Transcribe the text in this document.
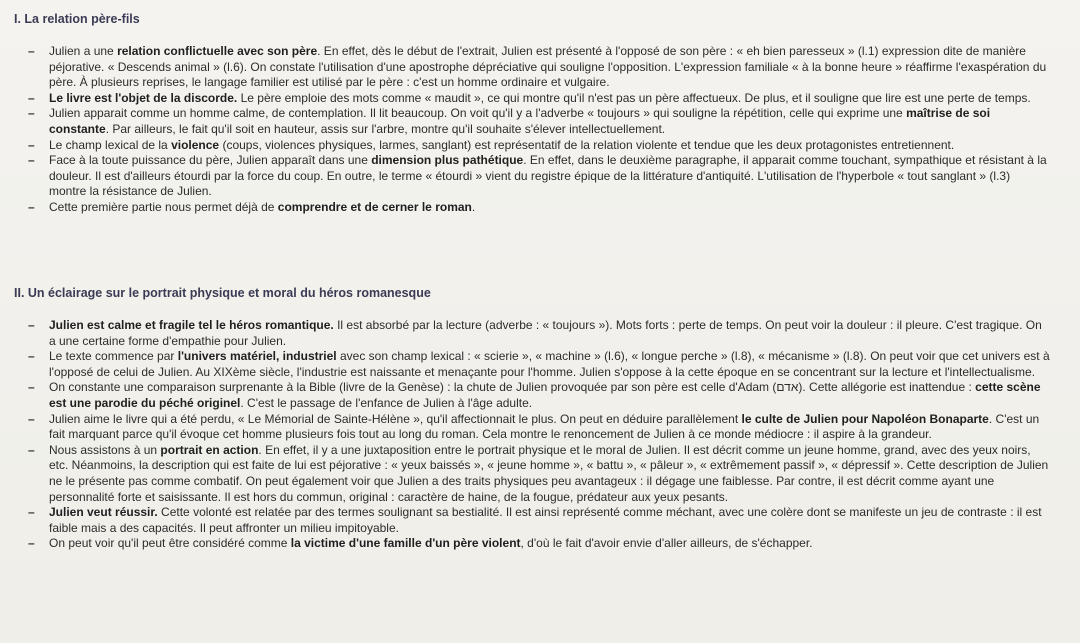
I. La relation père-fils
– Julien a une relation conflictuelle avec son père. En effet, dès le début de l'extrait, Julien est présenté à l'opposé de son père : « eh bien paresseux » (l.1) expression dite de manière péjorative. « Descends animal » (l.6). On constate l'utilisation d'une apostrophe dépréciative qui souligne l'opposition. L'expression familiale « à la bonne heure » réaffirme l'exaspération du père. À plusieurs reprises, le langage familier est utilisé par le père : c'est un homme ordinaire et vulgaire.
– Le livre est l'objet de la discorde. Le père emploie des mots comme « maudit », ce qui montre qu'il n'est pas un père affectueux. De plus, et il souligne que lire est une perte de temps.
– Julien apparait comme un homme calme, de contemplation. Il lit beaucoup. On voit qu'il y a l'adverbe « toujours » qui souligne la répétition, celle qui exprime une maîtrise de soi constante. Par ailleurs, le fait qu'il soit en hauteur, assis sur l'arbre, montre qu'il souhaite s'élever intellectuellement.
– Le champ lexical de la violence (coups, violences physiques, larmes, sanglant) est représentatif de la relation violente et tendue que les deux protagonistes entretiennent.
– Face à la toute puissance du père, Julien apparaît dans une dimension plus pathétique. En effet, dans le deuxième paragraphe, il apparait comme touchant, sympathique et résistant à la douleur. Il est d'ailleurs étourdi par la force du coup. En outre, le terme « étourdi » vient du registre épique de la littérature d'antiquité. L'utilisation de l'hyperbole « tout sanglant » (l.3) montre la résistance de Julien.
– Cette première partie nous permet déjà de comprendre et de cerner le roman.
II. Un éclairage sur le portrait physique et moral du héros romanesque
– Julien est calme et fragile tel le héros romantique. Il est absorbé par la lecture (adverbe : « toujours »). Mots forts : perte de temps. On peut voir la douleur : il pleure. C'est tragique. On a une certaine forme d'empathie pour Julien.
– Le texte commence par l'univers matériel, industriel avec son champ lexical : « scierie », « machine » (l.6), « longue perche » (l.8), « mécanisme » (l.8). On peut voir que cet univers est à l'opposé de celui de Julien. Au XIXème siècle, l'industrie est naissante et menaçante pour l'homme. Julien s'oppose à la cette époque en se concentrant sur la lecture et l'intellectualisme.
– On constante une comparaison surprenante à la Bible (livre de la Genèse) : la chute de Julien provoquée par son père est celle d'Adam (אדם). Cette allégorie est inattendue : cette scène est une parodie du péché originel. C'est le passage de l'enfance de Julien à l'âge adulte.
– Julien aime le livre qui a été perdu, « Le Mémorial de Sainte-Hélène », qu'il affectionnait le plus. On peut en déduire parallèlement le culte de Julien pour Napoléon Bonaparte. C'est un fait marquant parce qu'il évoque cet homme plusieurs fois tout au long du roman. Cela montre le renoncement de Julien à ce monde médiocre : il aspire à la grandeur.
– Nous assistons à un portrait en action. En effet, il y a une juxtaposition entre le portrait physique et le moral de Julien. Il est décrit comme un jeune homme, grand, avec des yeux noirs, etc. Néanmoins, la description qui est faite de lui est péjorative : « yeux baissés », « jeune homme », « battu », « pâleur », « extrêmement passif », « dépressif ». Cette description de Julien ne le présente pas comme combatif. On peut également voir que Julien a des traits physiques peu avantageux : il dégage une faiblesse. Par contre, il est décrit comme ayant une personnalité forte et saisissante. Il est hors du commun, original : caractère de haine, de la fougue, prédateur aux yeux pesants.
– Julien veut réussir. Cette volonté est relatée par des termes soulignant sa bestialité. Il est ainsi représenté comme méchant, avec une colère dont se manifeste un jeu de contraste : il est faible mais a des capacités. Il peut affronter un milieu impitoyable.
– On peut voir qu'il peut être considéré comme la victime d'une famille d'un père violent, d'où le fait d'avoir envie d'aller ailleurs, de s'échapper.
